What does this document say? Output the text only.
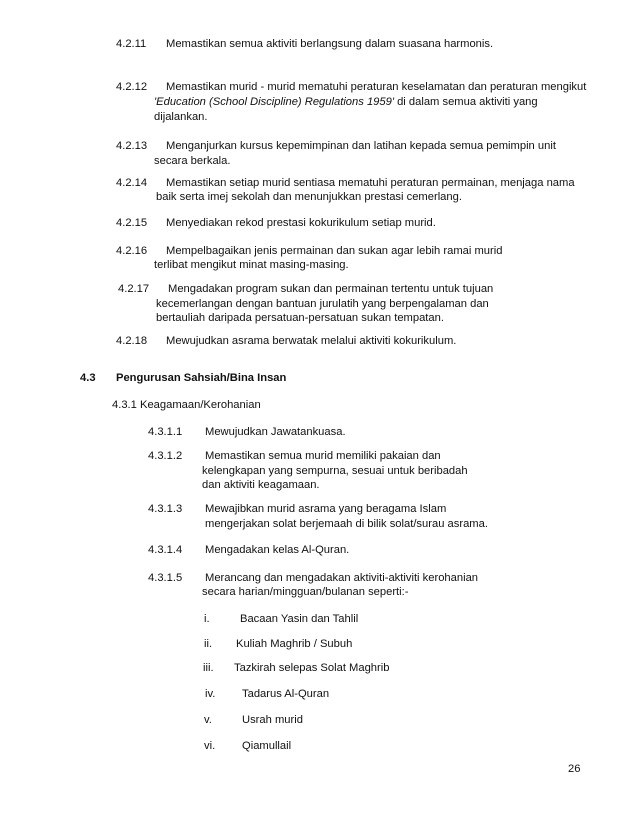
4.2.11 Memastikan semua aktiviti berlangsung dalam suasana harmonis.
4.2.12 Memastikan murid - murid mematuhi peraturan keselamatan dan peraturan mengikut
'Education (School Discipline) Regulations 1959' di dalam semua aktiviti yang
dijalankan.
4.2.13 Menganjurkan kursus kepemimpinan dan latihan kepada semua pemimpin unit
secara berkala.
4.2.14 Memastikan setiap murid sentiasa mematuhi peraturan permainan, menjaga nama
baik serta imej sekolah dan menunjukkan prestasi cemerlang.
4.2.15 Menyediakan rekod prestasi kokurikulum setiap murid.
4.2.16 Mempelbagaikan jenis permainan dan sukan agar lebih ramai murid
terlibat mengikut minat masing-masing.
4.2.17 Mengadakan program sukan dan permainan tertentu untuk tujuan
kecemerlangan dengan bantuan jurulatih yang berpengalaman dan
bertauliah daripada persatuan-persatuan sukan tempatan.
4.2.18 Mewujudkan asrama berwatak melalui aktiviti kokurikulum.
4.3 Pengurusan Sahsiah/Bina Insan
4.3.1 Keagamaan/Kerohanian
4.3.1.1 Mewujudkan Jawatankuasa.
4.3.1.2 Memastikan semua murid memiliki pakaian dan
kelengkapan yang sempurna, sesuai untuk beribadah
dan aktiviti keagamaan.
4.3.1.3 Mewajibkan murid asrama yang beragama Islam
mengerjakan solat berjemaah di bilik solat/surau asrama.
4.3.1.4 Mengadakan kelas Al-Quran.
4.3.1.5 Merancang dan mengadakan aktiviti-aktiviti kerohanian
secara harian/mingguan/bulanan seperti:-
i.	Bacaan Yasin dan Tahlil
ii. Kuliah Maghrib / Subuh
iii. Tazkirah selepas Solat Maghrib
iv. Tadarus Al-Quran
v.	Usrah murid
vi. Qiamullail
26
